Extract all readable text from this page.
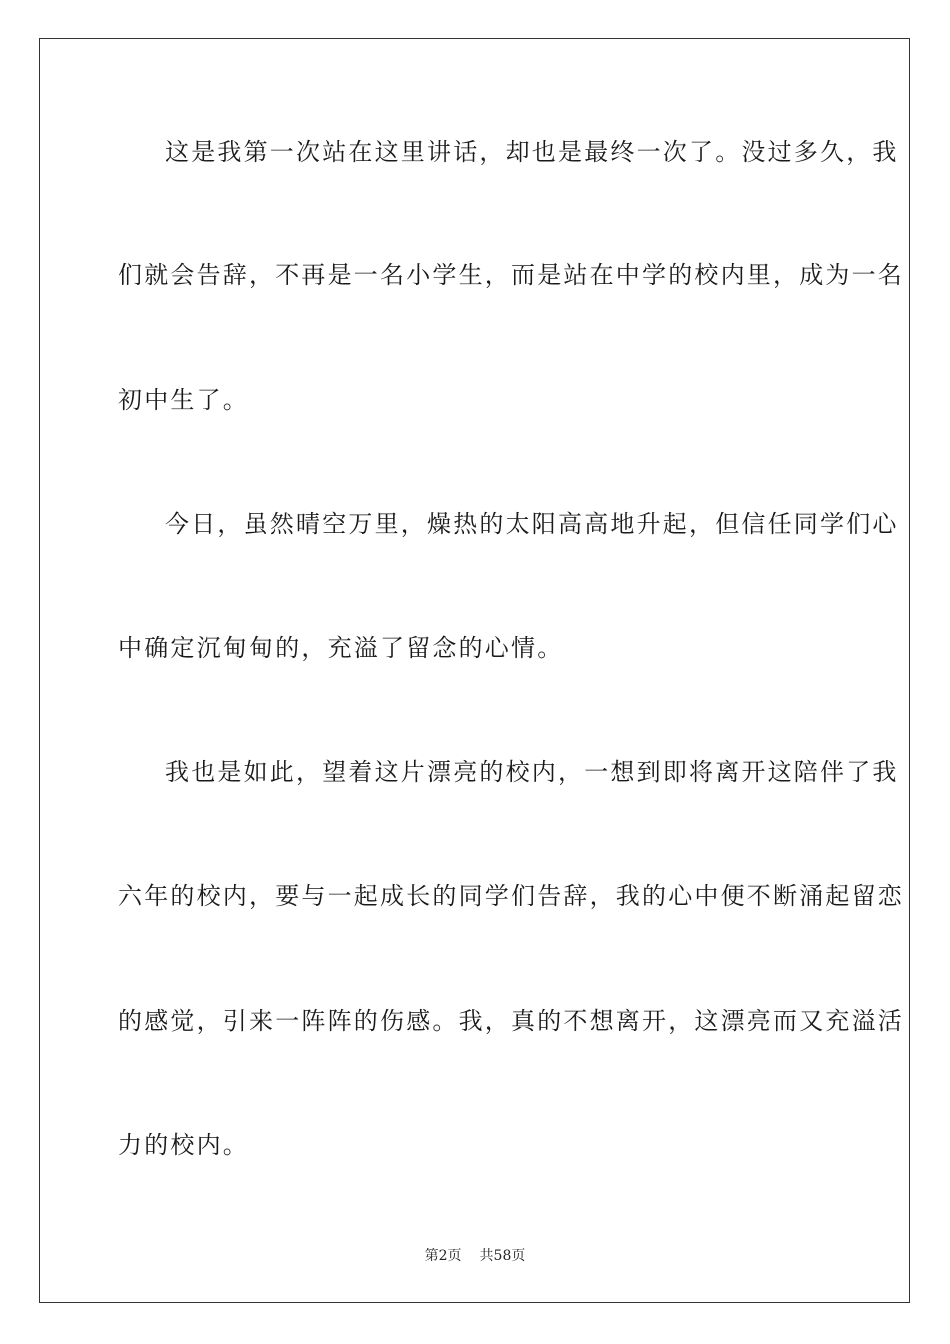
这是我第一次站在这里讲话，却也是最终一次了。没过多久，我
们就会告辞，不再是一名小学生，而是站在中学的校内里，成为一名
初中生了。
今日，虽然晴空万里，燥热的太阳高高地升起，但信任同学们心
中确定沉甸甸的，充溢了留念的心情。
我也是如此，望着这片漂亮的校内，一想到即将离开这陪伴了我
六年的校内，要与一起成长的同学们告辞，我的心中便不断涌起留恋
的感觉，引来一阵阵的伤感。我，真的不想离开，这漂亮而又充溢活
力的校内。
第2页 共58页
